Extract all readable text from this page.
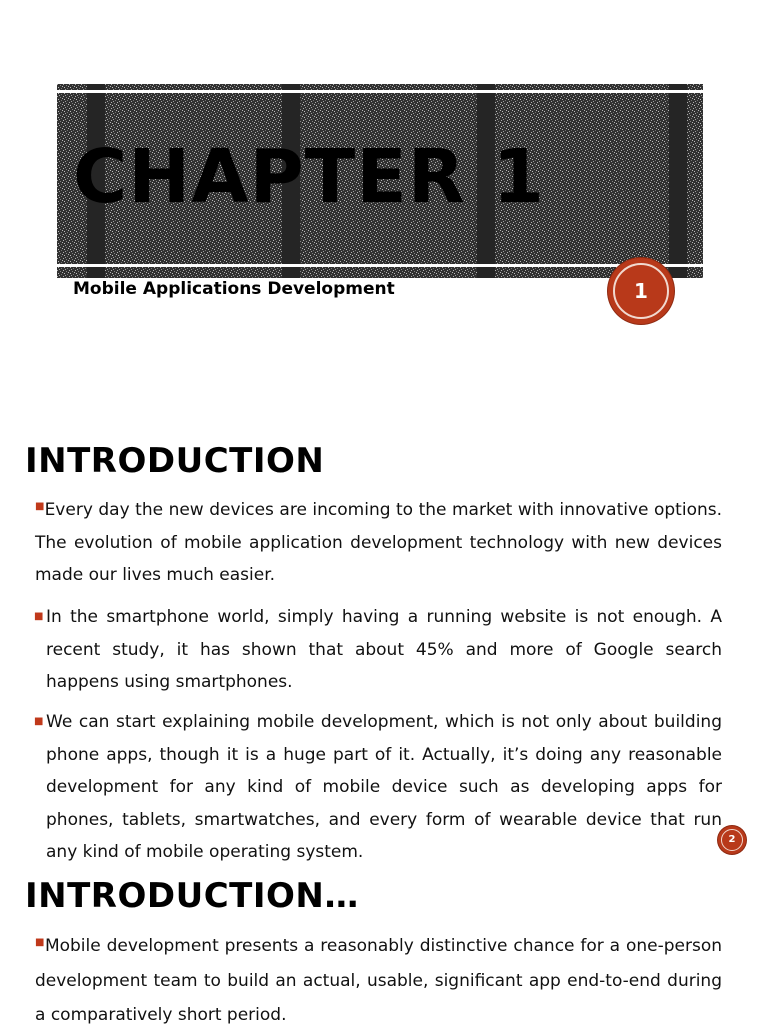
CHAPTER 1
Mobile Applications Development	1
INTRODUCTION
■Every day the new devices are incoming to the market with innovative options. The evolution of mobile application development technology with new devices made our lives much easier.
■ In the smartphone world, simply having a running website is not enough. A recent study, it has shown that about 45% and more of Google search happens using smartphones.
■ We can start explaining mobile development, which is not only about building phone apps, though it is a huge part of it. Actually, it’s doing any reasonable development for any kind of mobile device such as developing apps for phones, tablets, smartwatches, and every form of wearable device that run any kind of mobile operating system.
2
INTRODUCTION…
■Mobile development presents a reasonably distinctive chance for a one-person development team to build an actual, usable, significant app end-to-end during a comparatively short period.
